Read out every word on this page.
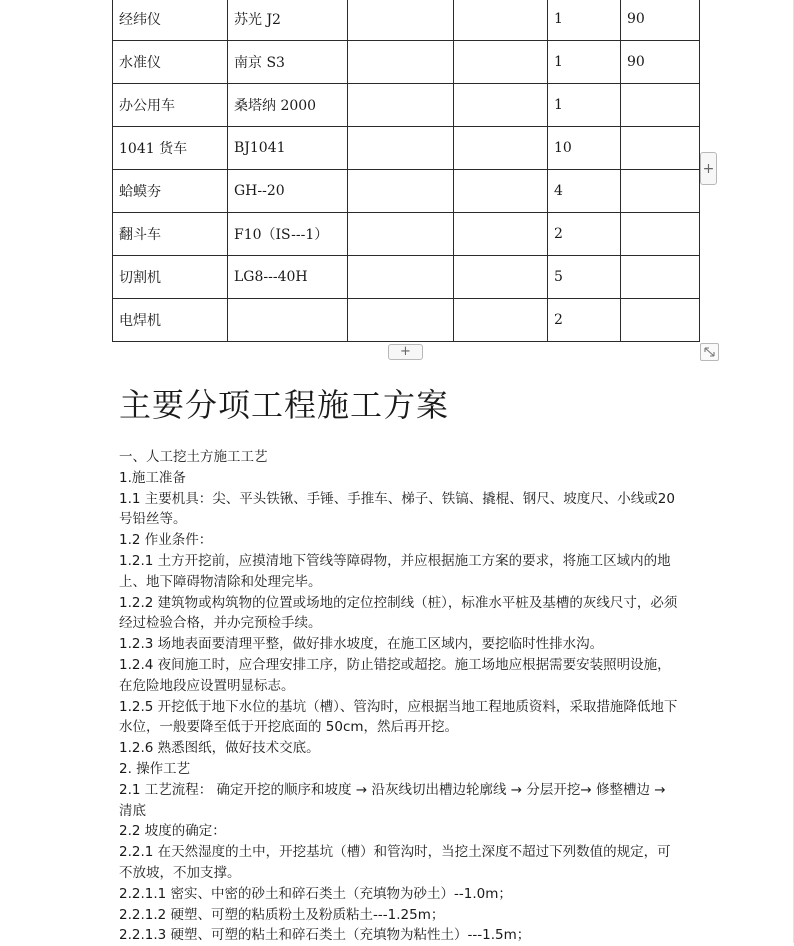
经纬仪	苏光 J2			1	90
水准仪	南京 S3			1	90
办公用车	桑塔纳 2000			1	
1041 货车	BJ1041			10	
蛤蟆夯	GH--20			4	
翻斗车	F10（IS---1）			2	
切割机	LG8---40H			5	
电焊机				2	
+
+
主要分项工程施工方案

一、人工挖土方施工工艺

1.施工准备

1.1 主要机具：尖、平头铁锹、手锤、手推车、梯子、铁镐、撬棍、钢尺、坡度尺、小线或20 号铅丝等。

1.2 作业条件：

1.2.1 土方开挖前，应摸清地下管线等障碍物，并应根据施工方案的要求，将施工区域内的地上、地下障碍物清除和处理完毕。

1.2.2 建筑物或构筑物的位置或场地的定位控制线（桩），标准水平桩及基槽的灰线尺寸，必须经过检验合格，并办完预检手续。

1.2.3 场地表面要清理平整，做好排水坡度，在施工区域内，要挖临时性排水沟。

1.2.4 夜间施工时，应合理安排工序，防止错挖或超挖。施工场地应根据需要安装照明设施，在危险地段应设置明显标志。

1.2.5 开挖低于地下水位的基坑（槽）、管沟时，应根据当地工程地质资料，采取措施降低地下水位，一般要降至低于开挖底面的 50cm，然后再开挖。

1.2.6 熟悉图纸，做好技术交底。

2. 操作工艺

2.1 工艺流程： 确定开挖的顺序和坡度 → 沿灰线切出槽边轮廓线 → 分层开挖→ 修整槽边 → 清底

2.2 坡度的确定：

2.2.1 在天然湿度的土中，开挖基坑（槽）和管沟时，当挖土深度不超过下列数值的规定，可不放坡，不加支撑。

2.2.1.1 密实、中密的砂土和碎石类土（充填物为砂土）--1.0m；

2.2.1.2 硬塑、可塑的粘质粉土及粉质粘土---1.25m；

2.2.1.3 硬塑、可塑的粘土和碎石类土（充填物为粘性土）---1.5m；
